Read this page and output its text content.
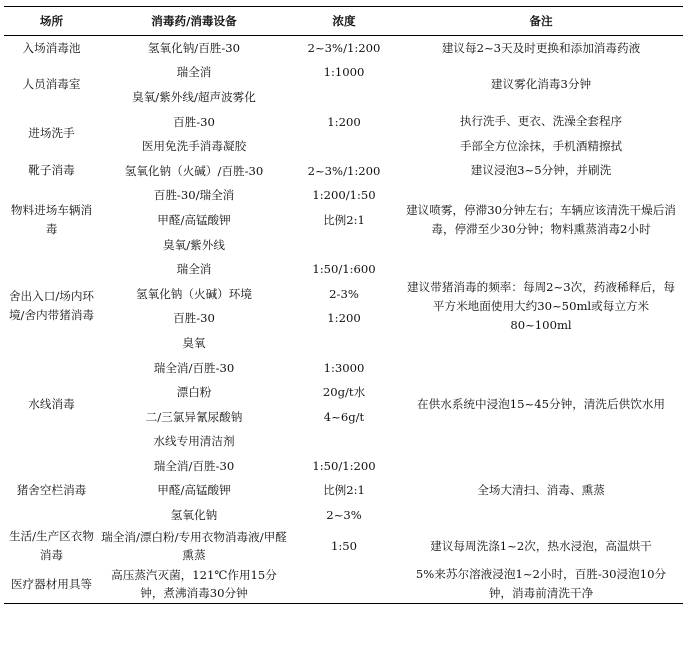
场所	消毒药/消毒设备	浓度	备注
入场消毒池	氢氧化钠/百胜-30	2~3%/1:200	建议每2~3天及时更换和添加消毒药液
人员消毒室	瑞全消	1:1000	建议雾化消毒3分钟
	臭氧/紫外线/超声波雾化		
进场洗手	百胜-30	1:200	执行洗手、更衣、洗澡全套程序
	医用免洗手消毒凝胶		手部全方位涂抹，手机酒精擦拭
靴子消毒	氢氧化钠（火碱）/百胜-30	2~3%/1:200	建议浸泡3~5分钟，并刷洗
物料进场车辆消毒	百胜-30/瑞全消	1:200/1:50	建议喷雾，停滞30分钟左右；车辆应该清洗干燥后消毒，停滞至少30分钟；物料熏蒸消毒2小时
	甲醛/高锰酸钾	比例2:1	
	臭氧/紫外线		
舍出入口/场内环境/舍内带猪消毒	瑞全消	1:50/1:600	建议带猪消毒的频率：每周2~3次，药液稀释后，每平方米地面使用大约30~50ml或每立方米80~100ml
	氢氧化钠（火碱）环境	2-3%	
	百胜-30	1:200	
	臭氧		
水线消毒	瑞全消/百胜-30	1:3000	在供水系统中浸泡15~45分钟，清洗后供饮水用
	漂白粉	20g/t水	
	二/三氯异氰尿酸钠	4~6g/t	
	水线专用清洁剂		
猪舍空栏消毒	瑞全消/百胜-30	1:50/1:200	全场大清扫、消毒、熏蒸
	甲醛/高锰酸钾	比例2:1	
	氢氧化钠	2~3%	
生活/生产区衣物消毒	瑞全消/漂白粉/专用衣物消毒液/甲醛熏蒸	1:50	建议每周洗涤1~2次，热水浸泡，高温烘干
医疗器材用具等	高压蒸汽灭菌，121℃作用15分钟，煮沸消毒30分钟		5%来苏尔溶液浸泡1~2小时，百胜-30浸泡10分钟，消毒前清洗干净
